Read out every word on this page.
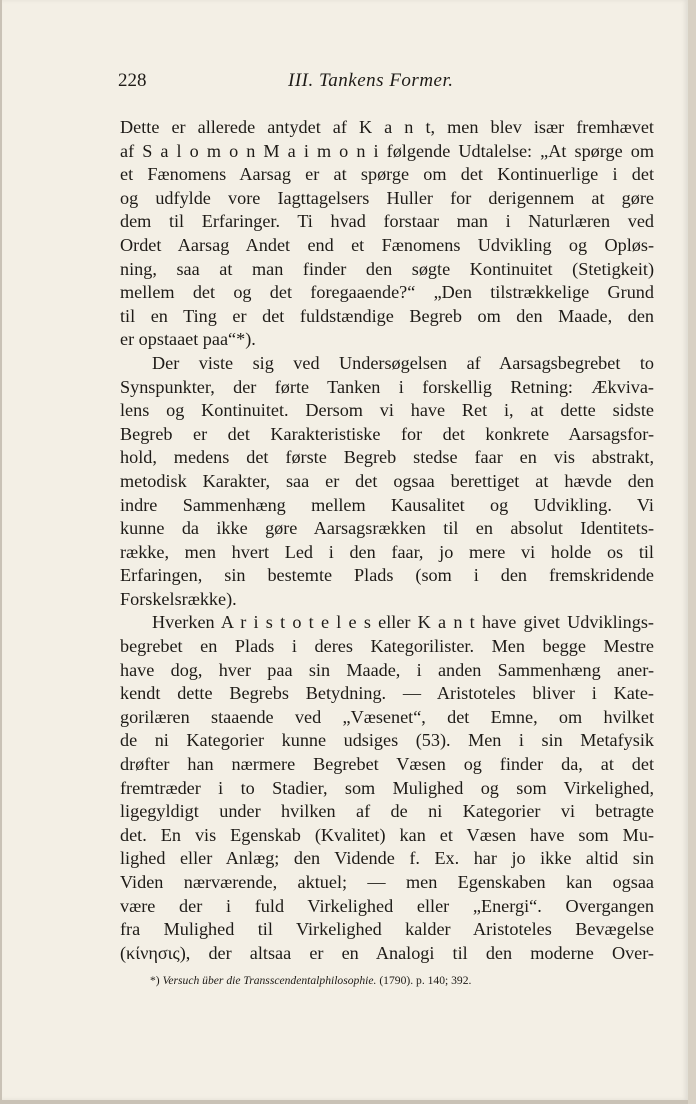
228	III. Tankens Former.
Dette er allerede antydet af K a n t, men blev især fremhævet
af S a l o m o n M a i m o n i følgende Udtalelse: „At spørge om
et Fænomens Aarsag er at spørge om det Kontinuerlige i det
og udfylde vore Iagttagelsers Huller for derigennem at gøre
dem til Erfaringer. Ti hvad forstaar man i Naturlæren ved
Ordet Aarsag Andet end et Fænomens Udvikling og Opløs-
ning, saa at man finder den søgte Kontinuitet (Stetigkeit)
mellem det og det foregaaende?“ „Den tilstrækkelige Grund
til en Ting er det fuldstændige Begreb om den Maade, den
er opstaaet paa“*).
Der viste sig ved Undersøgelsen af Aarsagsbegrebet to
Synspunkter, der førte Tanken i forskellig Retning: Ækviva-
lens og Kontinuitet. Dersom vi have Ret i, at dette sidste
Begreb er det Karakteristiske for det konkrete Aarsagsfor-
hold, medens det første Begreb stedse faar en vis abstrakt,
metodisk Karakter, saa er det ogsaa berettiget at hævde den
indre Sammenhæng mellem Kausalitet og Udvikling. Vi
kunne da ikke gøre Aarsagsrækken til en absolut Identitets-
række, men hvert Led i den faar, jo mere vi holde os til
Erfaringen, sin bestemte Plads (som i den fremskridende
Forskelsrække).
Hverken A r i s t o t e l e s eller K a n t have givet Udviklings-
begrebet en Plads i deres Kategorilister. Men begge Mestre
have dog, hver paa sin Maade, i anden Sammenhæng aner-
kendt dette Begrebs Betydning. — Aristoteles bliver i Kate-
gorilæren staaende ved „Væsenet“, det Emne, om hvilket
de ni Kategorier kunne udsiges (53). Men i sin Metafysik
drøfter han nærmere Begrebet Væsen og finder da, at det
fremtræder i to Stadier, som Mulighed og som Virkelighed,
ligegyldigt under hvilken af de ni Kategorier vi betragte
det. En vis Egenskab (Kvalitet) kan et Væsen have som Mu-
lighed eller Anlæg; den Vidende f. Ex. har jo ikke altid sin
Viden nærværende, aktuel; — men Egenskaben kan ogsaa
være der i fuld Virkelighed eller „Energi“. Overgangen
fra Mulighed til Virkelighed kalder Aristoteles Bevægelse
(κίνησις), der altsaa er en Analogi til den moderne Over-
*) Versuch über die Transscendentalphilosophie. (1790). p. 140; 392.
